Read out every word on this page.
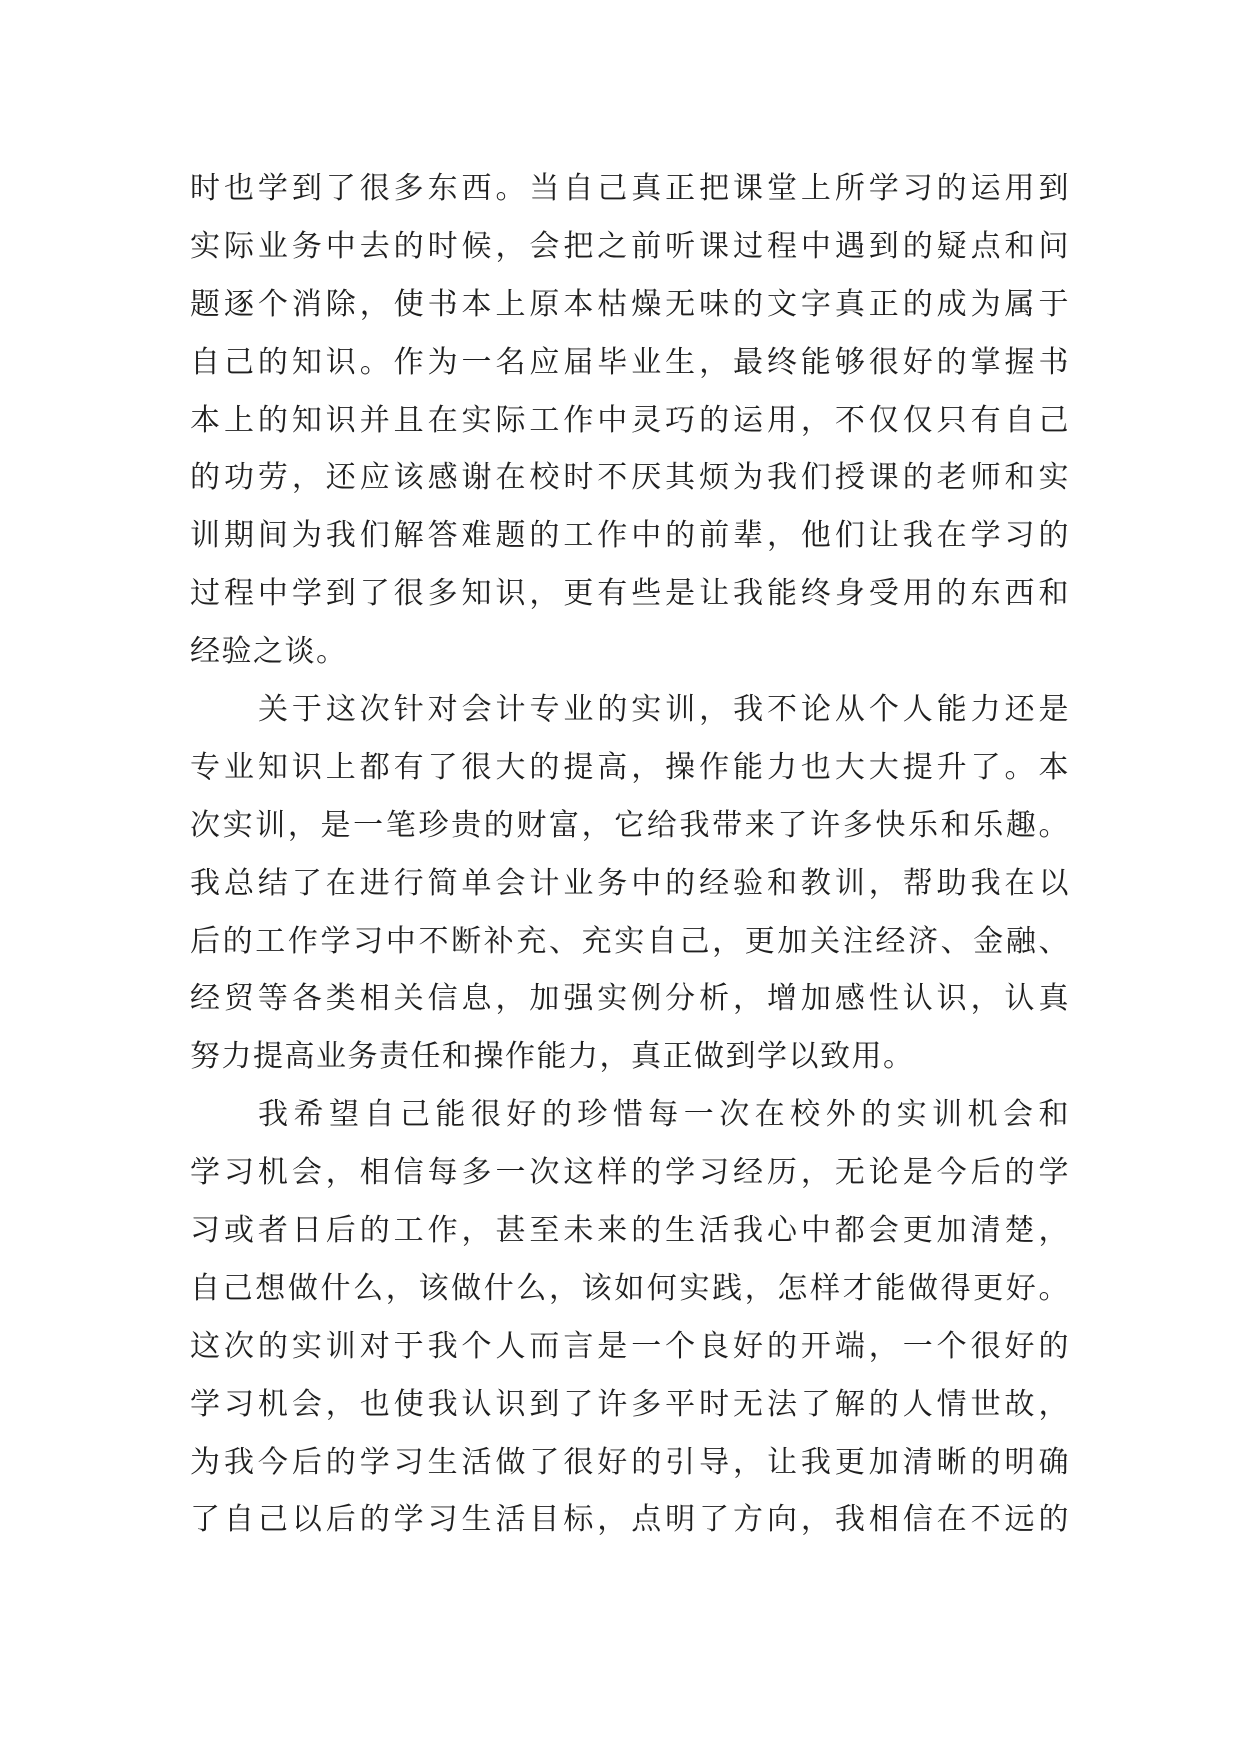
时也学到了很多东西。当自己真正把课堂上所学习的运用到
实际业务中去的时候，会把之前听课过程中遇到的疑点和问
题逐个消除，使书本上原本枯燥无味的文字真正的成为属于
自己的知识。作为一名应届毕业生，最终能够很好的掌握书
本上的知识并且在实际工作中灵巧的运用，不仅仅只有自己
的功劳，还应该感谢在校时不厌其烦为我们授课的老师和实
训期间为我们解答难题的工作中的前辈，他们让我在学习的
过程中学到了很多知识，更有些是让我能终身受用的东西和
经验之谈。
关于这次针对会计专业的实训，我不论从个人能力还是
专业知识上都有了很大的提高，操作能力也大大提升了。本
次实训，是一笔珍贵的财富，它给我带来了许多快乐和乐趣。
我总结了在进行简单会计业务中的经验和教训，帮助我在以
后的工作学习中不断补充、充实自己，更加关注经济、金融、
经贸等各类相关信息，加强实例分析，增加感性认识，认真
努力提高业务责任和操作能力，真正做到学以致用。
我希望自己能很好的珍惜每一次在校外的实训机会和
学习机会，相信每多一次这样的学习经历，无论是今后的学
习或者日后的工作，甚至未来的生活我心中都会更加清楚，
自己想做什么，该做什么，该如何实践，怎样才能做得更好。
这次的实训对于我个人而言是一个良好的开端，一个很好的
学习机会，也使我认识到了许多平时无法了解的人情世故，
为我今后的学习生活做了很好的引导，让我更加清晰的明确
了自己以后的学习生活目标，点明了方向，我相信在不远的
